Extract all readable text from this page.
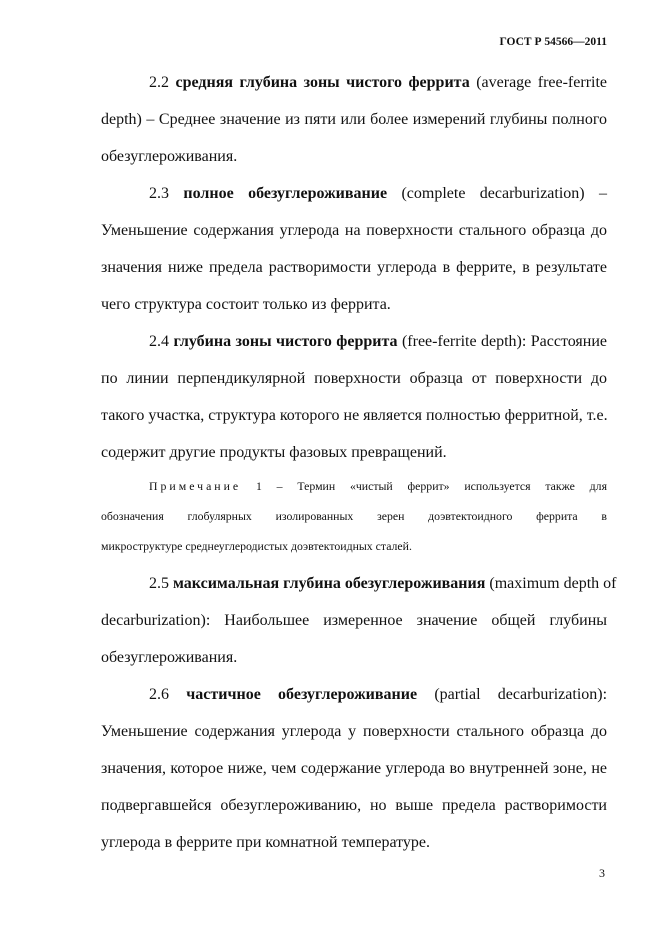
ГОСТ Р 54566—2011
2.2 средняя глубина зоны чистого феррита (average free-ferrite
depth) – Среднее значение из пяти или более измерений глубины полного
обезуглероживания.
2.3 полное обезуглероживание (complete decarburization) –
Уменьшение содержания углерода на поверхности стального образца до
значения ниже предела растворимости углерода в феррите, в результате
чего структура состоит только из феррита.
2.4 глубина зоны чистого феррита (free-ferrite depth): Расстояние
по линии перпендикулярной поверхности образца от поверхности до
такого участка, структура которого не является полностью ферритной, т.е.
содержит другие продукты фазовых превращений.
Примечание 1 – Термин «чистый феррит» используется также для
обозначения глобулярных изолированных зерен доэвтектоидного феррита в
микроструктуре среднеуглеродистых доэвтектоидных сталей.
2.5 максимальная глубина обезуглероживания (maximum depth of
decarburization): Наибольшее измеренное значение общей глубины
обезуглероживания.
2.6 частичное обезуглероживание (partial decarburization):
Уменьшение содержания углерода у поверхности стального образца до
значения, которое ниже, чем содержание углерода во внутренней зоне, не
подвергавшейся обезуглероживанию, но выше предела растворимости
углерода в феррите при комнатной температуре.
3
